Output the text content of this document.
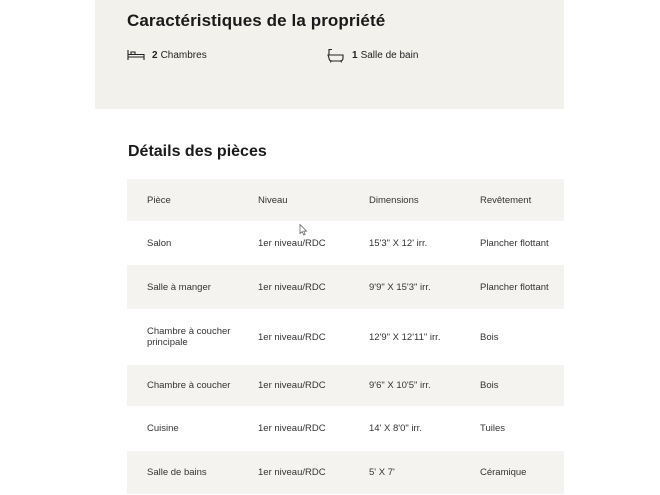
Caractéristiques de la propriété
2 Chambres	1 Salle de bain
Détails des pièces
Pièce	Niveau	Dimensions	Revêtement
Salon	1er niveau/RDC	15'3" X 12' irr.	Plancher flottant
Salle à manger	1er niveau/RDC	9'9" X 15'3" irr.	Plancher flottant
Chambre à coucher principale	1er niveau/RDC	12'9" X 12'11" irr.	Bois
Chambre à coucher	1er niveau/RDC	9'6" X 10'5" irr.	Bois
Cuisine	1er niveau/RDC	14' X 8'0" irr.	Tuiles
Salle de bains	1er niveau/RDC	5' X 7'	Céramique
